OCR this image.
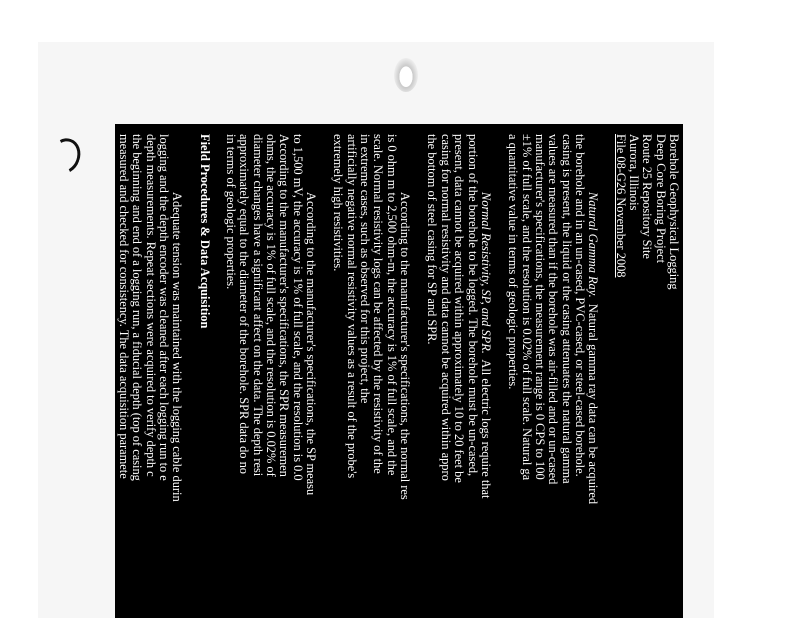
Borehole Geophysical Logging
Deep Core Boring Project
Route 25 Repository Site
Aurora, Illinois
File 08-G26 November 2008
Natural Gamma Ray.  Natural gamma ray data can be acquired
the borehole and in an un-cased, PVC-cased, or steel-cased borehole.
casing is present, the liquid or the casing attenuates the natural gamma
values are measured than if the borehole was air-filled and or un-cased
manufacturer's specifications, the measurement range is 0 CPS to 100
±1% of full scale, and the resolution is 0.02% of full scale. Natural ga
a quantitative value in terms of geologic properties.
Normal Resistivity, SP, and SPR.  All electric logs require that
portion of the borehole to be logged. The borehole must be un-cased,
present, data cannot be acquired within approximately 10 to 20 feet be
casing for normal resistivity and data cannot be acquired within appro
the bottom of steel casing for SP and SPR.
According to the manufacturer's specifications, the normal res
is 0 ohm m to 2,500 ohm-m, the accuracy is 1% of full scale, and the
scale. Normal resistivity logs can be affected by the resistivity of the
in extreme cases, such as observed for this project, the
artificially negative normal resistivity values as a result of the probe's
extremely high resistivities.
According to the manufacturer's specifications, the SP measu
to 1,500 mV, the accuracy is 1% of full scale, and the resolution is 0.0
According to the manufacturer's specifications, the SPR measuremen
ohms, the accuracy is 1% of full scale, and the resolution is 0.02% of
diameter changes have a significant affect on the data. The depth resi
approximately equal to the diameter of the borehole. SPR data do no
in terms of geologic properties.
Field Procedures & Data Acquisition
Adequate tension was maintained with the logging cable durin
logging and the depth encoder was cleaned after each logging run to e
depth measurements. Repeat sections were acquired to verify depth c
the beginning and end of a logging run, a fiducial depth (top of casing
measured and checked for consistency. The data acquisition paramete
